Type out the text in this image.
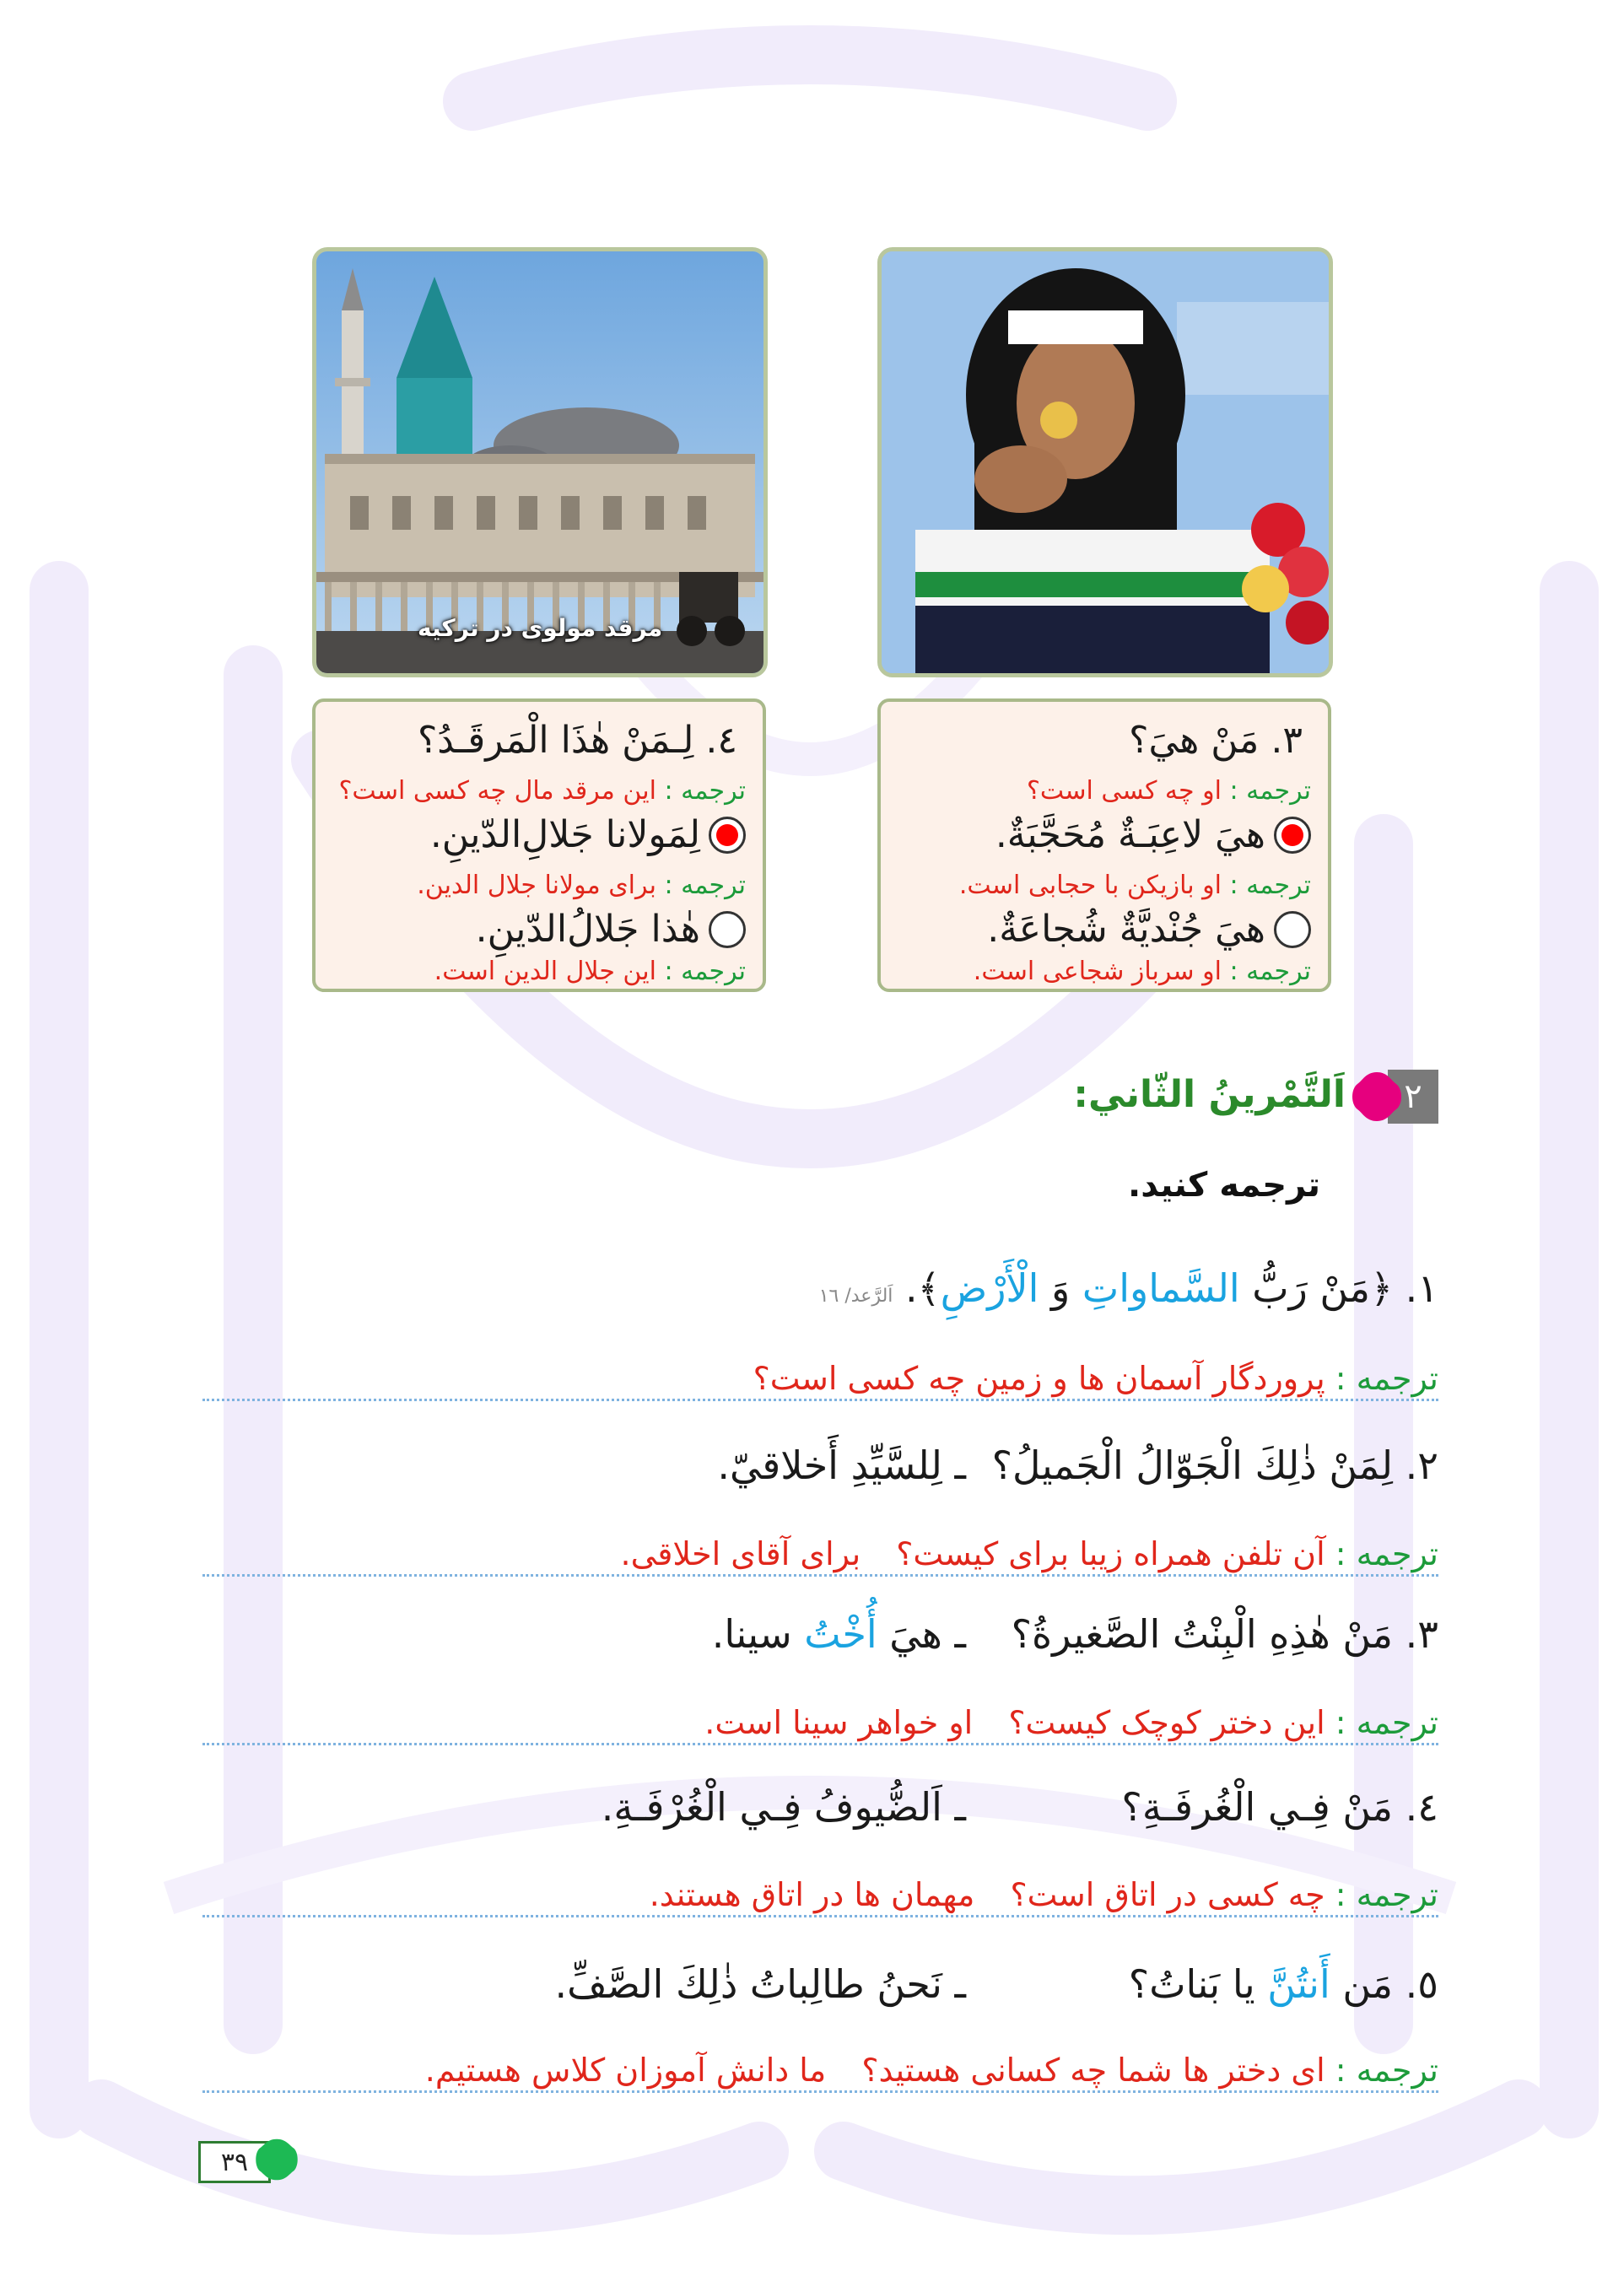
مرقد مولوی در ترکیه
٤. لِـمَنْ هٰذَا الْمَرقَـدُ؟
ترجمه : این مرقد مال چه کسی است؟
لِمَولانا جَلالِ‌الدّینِ.
ترجمه : برای مولانا جلال الدین.
هٰذا جَلالُ‌الدّینِ.
ترجمه : این جلال الدین است.
٣. مَنْ هيَ؟
ترجمه : او چه کسی است؟
هيَ لاعِبَـةٌ مُحَجَّبَةٌ.
ترجمه : او بازیکن با حجابی است.
هيَ جُنْديَّةٌ شُجاعَةٌ.
ترجمه : او سرباز شجاعی است.
٢
اَلتَّمْرينُ الثّاني:
ترجمه کنید.
١. ﴿مَنْ رَبُّ السَّماواتِ وَ الْأَرْضِ﴾. اَلرَّعد/ ١٦
ترجمه : پروردگار آسمان ها و زمین چه کسی است؟
٢. لِمَنْ ذٰلِكَ الْجَوّالُ الْجَميلُ؟
ـ لِلسَّیِّدِ أَخلاقيّ.
ترجمه : آن تلفن همراه زیبا برای کیست؟ برای آقای اخلاقی.
٣. مَنْ هٰذِهِ الْبِنْتُ الصَّغیرةُ؟
ـ هيَ أُخْتُ سینا.
ترجمه : این دختر کوچک کیست؟ او خواهر سینا است.
٤. مَنْ فِـي الْغُرفَـةِ؟
ـ اَلضُّیوفُ فِـي الْغُرْفَـةِ.
ترجمه : چه کسی در اتاق است؟ مهمان ها در اتاق هستند.
٥. مَن أَنتُنَّ یا بَناتُ؟
ـ نَحنُ طالِباتُ ذٰلِكَ الصَّفِّ.
ترجمه : ای دختر ها شما چه کسانی هستید؟ ما دانش آموزان کلاس هستیم.
٣٩
